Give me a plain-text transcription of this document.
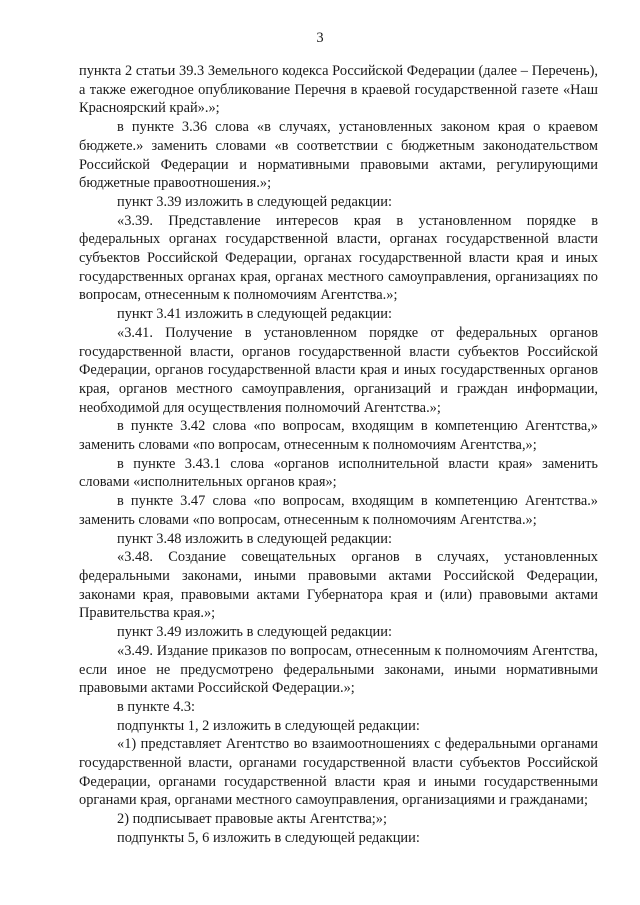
3

пункта 2 статьи 39.3 Земельного кодекса Российской Федерации (далее – Перечень), а также ежегодное опубликование Перечня в краевой государственной газете «Наш Красноярский край».»;

в пункте 3.36 слова «в случаях, установленных законом края о краевом бюджете.» заменить словами «в соответствии с бюджетным законодательством Российской Федерации и нормативными правовыми актами, регулирующими бюджетные правоотношения.»;

пункт 3.39 изложить в следующей редакции:

«3.39. Представление интересов края в установленном порядке в федеральных органах государственной власти, органах государственной власти субъектов Российской Федерации, органах государственной власти края и иных государственных органах края, органах местного самоуправления, организациях по вопросам, отнесенным к полномочиям Агентства.»;

пункт 3.41 изложить в следующей редакции:

«3.41. Получение в установленном порядке от федеральных органов государственной власти, органов государственной власти субъектов Российской Федерации, органов государственной власти края и иных государственных органов края, органов местного самоуправления, организаций и граждан информации, необходимой для осуществления полномочий Агентства.»;

в пункте 3.42 слова «по вопросам, входящим в компетенцию Агентства,» заменить словами «по вопросам, отнесенным к полномочиям Агентства,»;

в пункте 3.43.1 слова «органов исполнительной власти края» заменить словами «исполнительных органов края»;

в пункте 3.47 слова «по вопросам, входящим в компетенцию Агентства.» заменить словами «по вопросам, отнесенным к полномочиям Агентства.»;

пункт 3.48 изложить в следующей редакции:

«3.48. Создание совещательных органов в случаях, установленных федеральными законами, иными правовыми актами Российской Федерации, законами края, правовыми актами Губернатора края и (или) правовыми актами Правительства края.»;

пункт 3.49 изложить в следующей редакции:

«3.49. Издание приказов по вопросам, отнесенным к полномочиям Агентства, если иное не предусмотрено федеральными законами, иными нормативными правовыми актами Российской Федерации.»;

в пункте 4.3:

подпункты 1, 2 изложить в следующей редакции:

«1) представляет Агентство во взаимоотношениях с федеральными органами государственной власти, органами государственной власти субъектов Российской Федерации, органами государственной власти края и иными государственными органами края, органами местного самоуправления, организациями и гражданами;

2) подписывает правовые акты Агентства;»;

подпункты 5, 6 изложить в следующей редакции:
